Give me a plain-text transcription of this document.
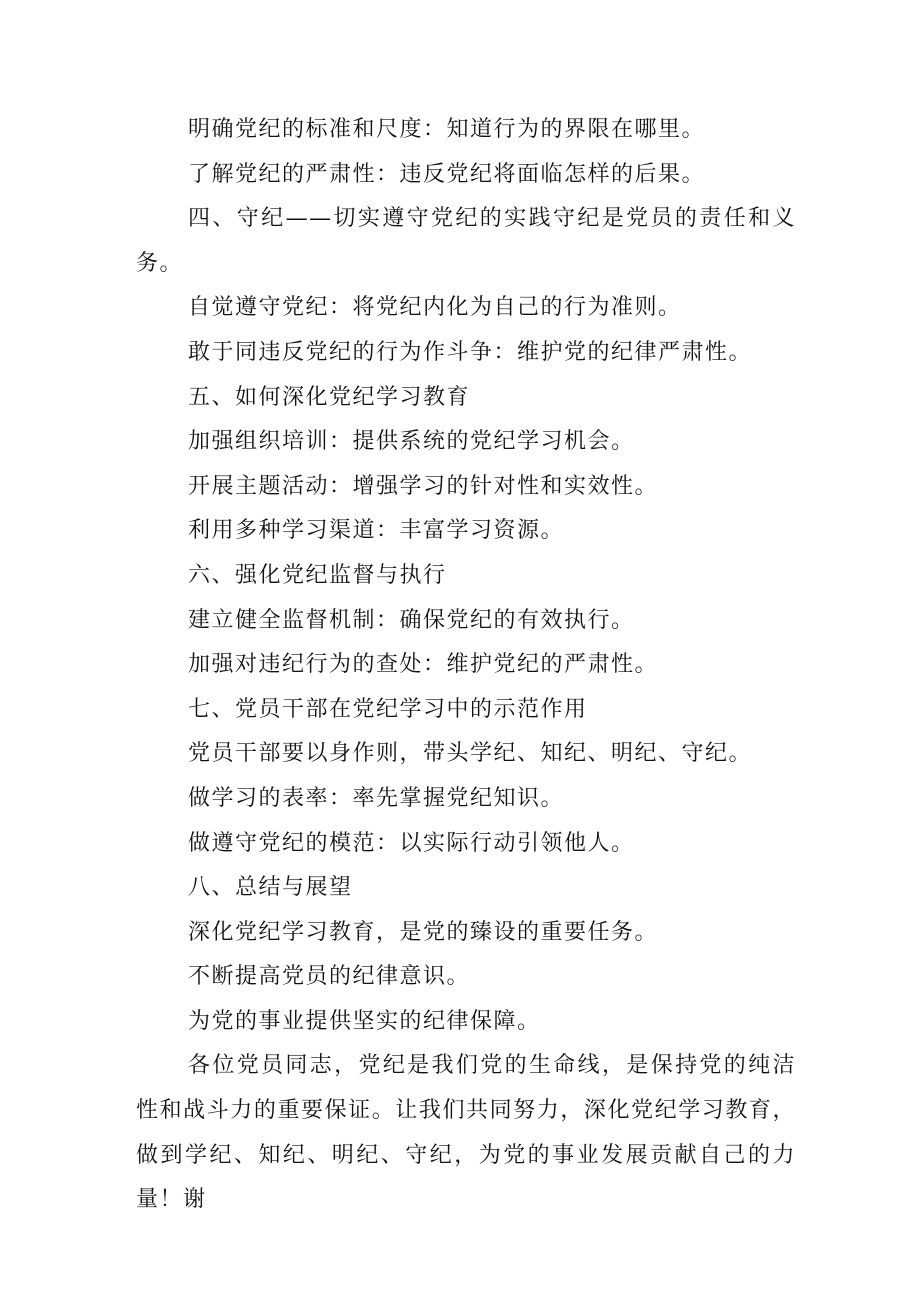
明确党纪的标准和尺度：知道行为的界限在哪里。

了解党纪的严肃性：违反党纪将面临怎样的后果。

四、守纪——切实遵守党纪的实践守纪是党员的责任和义务。

自觉遵守党纪：将党纪内化为自己的行为准则。

敢于同违反党纪的行为作斗争：维护党的纪律严肃性。

五、如何深化党纪学习教育

加强组织培训：提供系统的党纪学习机会。

开展主题活动：增强学习的针对性和实效性。

利用多种学习渠道：丰富学习资源。

六、强化党纪监督与执行

建立健全监督机制：确保党纪的有效执行。

加强对违纪行为的查处：维护党纪的严肃性。

七、党员干部在党纪学习中的示范作用

党员干部要以身作则，带头学纪、知纪、明纪、守纪。

做学习的表率：率先掌握党纪知识。

做遵守党纪的模范：以实际行动引领他人。

八、总结与展望

深化党纪学习教育，是党的臻设的重要任务。

不断提高党员的纪律意识。

为党的事业提供坚实的纪律保障。

各位党员同志，党纪是我们党的生命线，是保持党的纯洁性和战斗力的重要保证。让我们共同努力，深化党纪学习教育，做到学纪、知纪、明纪、守纪，为党的事业发展贡献自己的力量！谢
